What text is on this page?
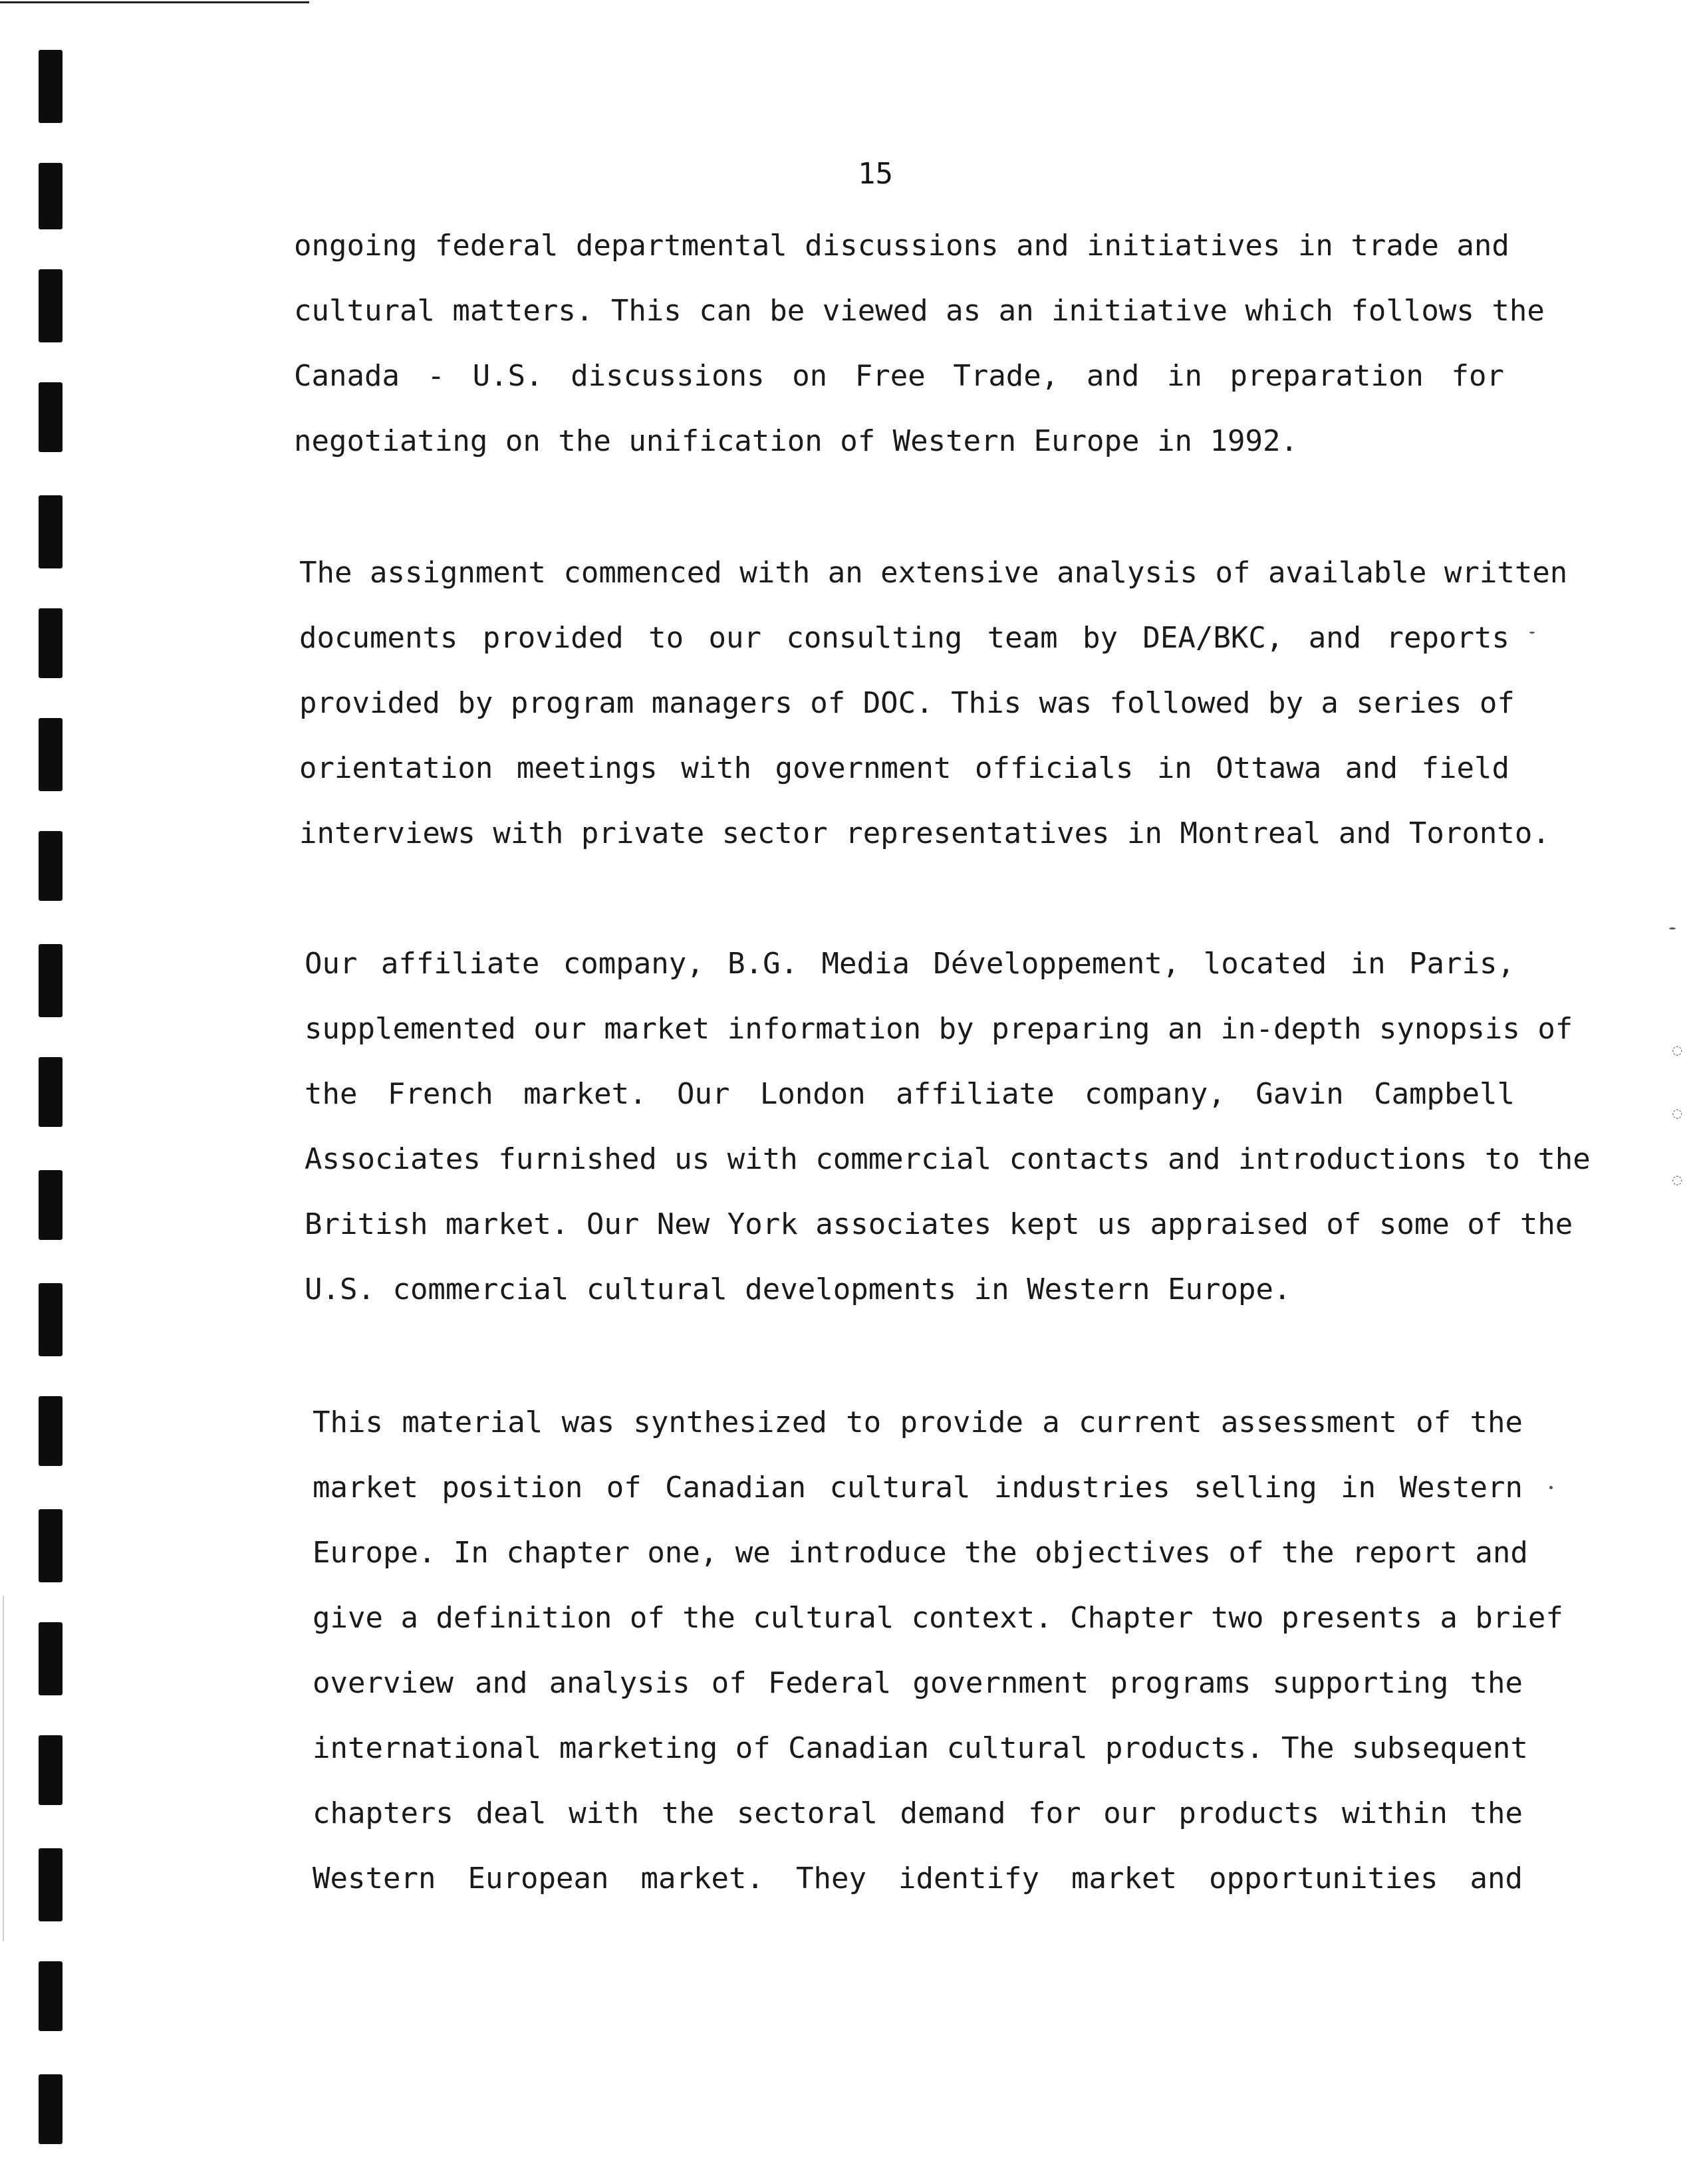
◌
◌
◌
15
ongoing federal departmental discussions and initiatives in trade and
cultural matters. This can be viewed as an initiative which follows the
Canada - U.S. discussions on Free Trade, and in preparation for
negotiating on the unification of Western Europe in 1992.
The assignment commenced with an extensive analysis of available written
documents provided to our consulting team by DEA/BKC, and reports
provided by program managers of DOC. This was followed by a series of
orientation meetings with government officials in Ottawa and field
interviews with private sector representatives in Montreal and Toronto.
Our affiliate company, B.G. Media Développement, located in Paris,
supplemented our market information by preparing an in-depth synopsis of
the French market. Our London affiliate company, Gavin Campbell
Associates furnished us with commercial contacts and introductions to the
British market. Our New York associates kept us appraised of some of the
U.S. commercial cultural developments in Western Europe.
This material was synthesized to provide a current assessment of the
market position of Canadian cultural industries selling in Western
Europe. In chapter one, we introduce the objectives of the report and
give a definition of the cultural context. Chapter two presents a brief
overview and analysis of Federal government programs supporting the
international marketing of Canadian cultural products. The subsequent
chapters deal with the sectoral demand for our products within the
Western European market. They identify market opportunities and
